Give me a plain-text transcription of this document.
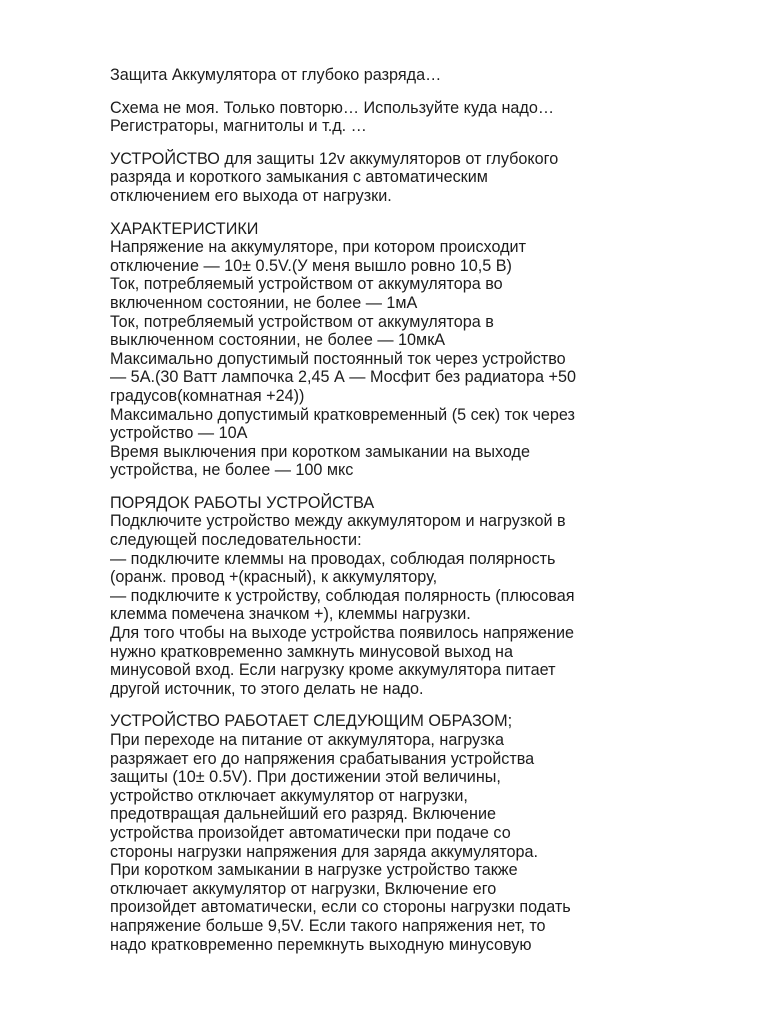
Защита Аккумулятора от глубоко разряда…

Схема не моя. Только повторю… Используйте куда надо…
Регистраторы, магнитолы и т.д. …

УСТРОЙСТВО для защиты 12v аккумуляторов от глубокого
разряда и короткого замыкания с автоматическим
отключением его выхода от нагрузки.

ХАРАКТЕРИСТИКИ
Напряжение на аккумуляторе, при котором происходит
отключение — 10± 0.5V.(У меня вышло ровно 10,5 В)
Ток, потребляемый устройством от аккумулятора во
включенном состоянии, не более — 1мА
Ток, потребляемый устройством от аккумулятора в
выключенном состоянии, не более — 10мкА
Максимально допустимый постоянный ток через устройство
— 5А.(30 Ватт лампочка 2,45 А — Мосфит без радиатора +50
градусов(комнатная +24))
Максимально допустимый кратковременный (5 сек) ток через
устройство — 10А
Время выключения при коротком замыкании на выходе
устройства, не более — 100 мкс

ПОРЯДОК РАБОТЫ УСТРОЙСТВА
Подключите устройство между аккумулятором и нагрузкой в
следующей последовательности:
— подключите клеммы на проводах, соблюдая полярность
(оранж. провод +(красный), к аккумулятору,
— подключите к устройству, соблюдая полярность (плюсовая
клемма помечена значком +), клеммы нагрузки.
Для того чтобы на выходе устройства появилось напряжение
нужно кратковременно замкнуть минусовой выход на
минусовой вход. Если нагрузку кроме аккумулятора питает
другой источник, то этого делать не надо.

УСТРОЙСТВО РАБОТАЕТ СЛЕДУЮЩИМ ОБРАЗОМ;
При переходе на питание от аккумулятора, нагрузка
разряжает его до напряжения срабатывания устройства
защиты (10± 0.5V). При достижении этой величины,
устройство отключает аккумулятор от нагрузки,
предотвращая дальнейший его разряд. Включение
устройства произойдет автоматически при подаче со
стороны нагрузки напряжения для заряда аккумулятора.
При коротком замыкании в нагрузке устройство также
отключает аккумулятор от нагрузки, Включение его
произойдет автоматически, если со стороны нагрузки подать
напряжение больше 9,5V. Если такого напряжения нет, то
надо кратковременно перемкнуть выходную минусовую
